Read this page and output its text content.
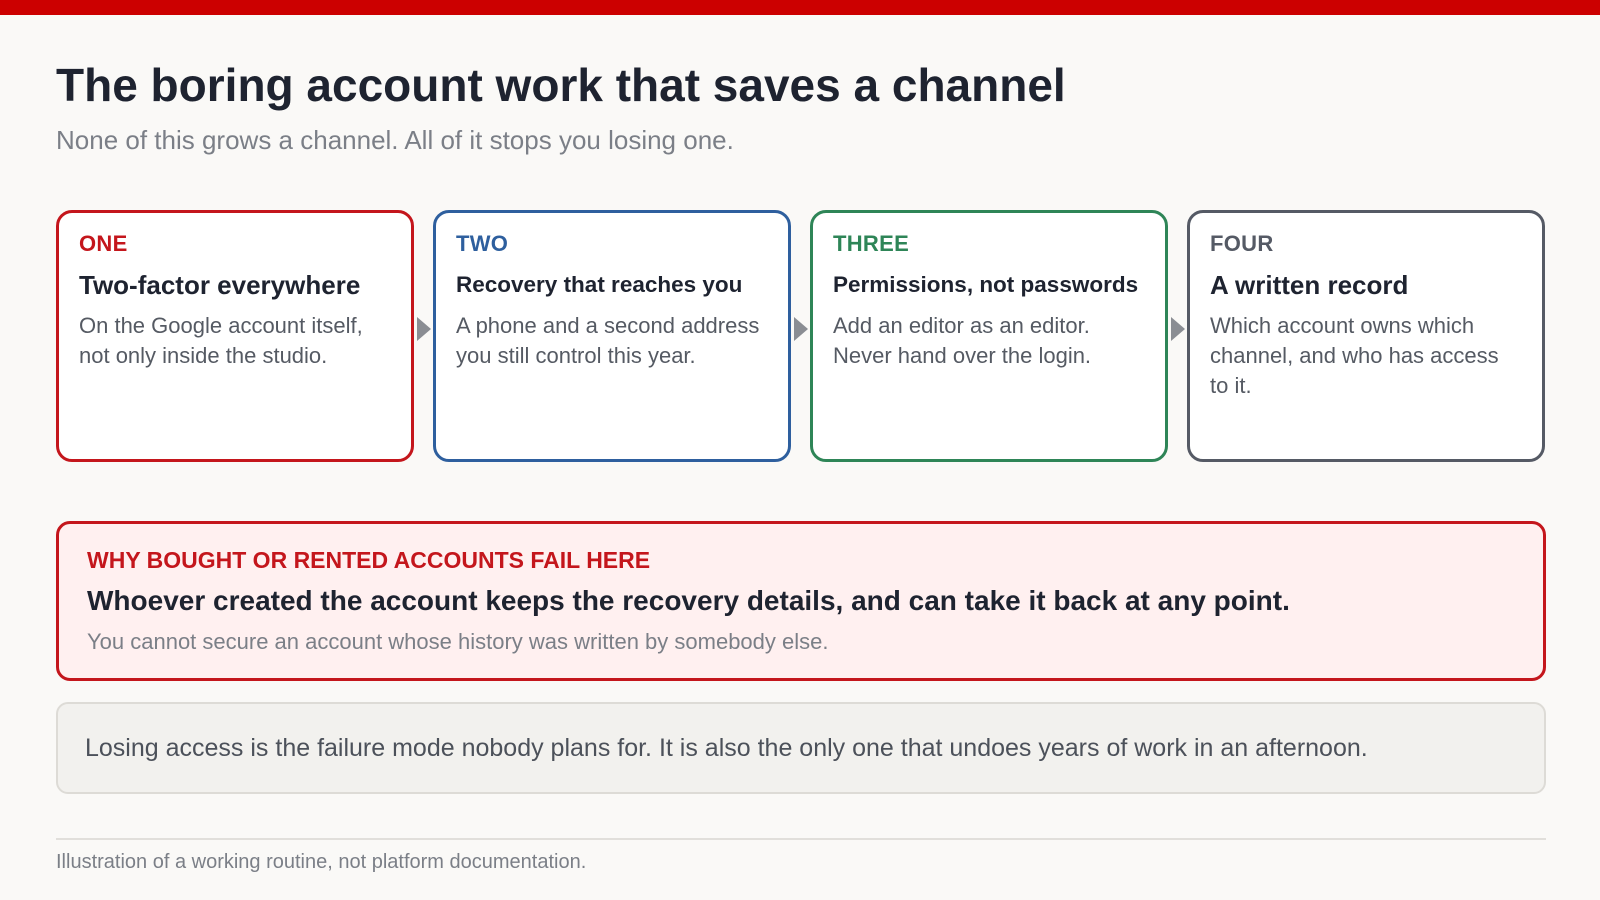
The boring account work that saves a channel
None of this grows a channel. All of it stops you losing one.
ONE
Two-factor everywhere
On the Google account itself, not only inside the studio.
TWO
Recovery that reaches you
A phone and a second address you still control this year.
THREE
Permissions, not passwords
Add an editor as an editor. Never hand over the login.
FOUR
A written record
Which account owns which channel, and who has access to it.
WHY BOUGHT OR RENTED ACCOUNTS FAIL HERE
Whoever created the account keeps the recovery details, and can take it back at any point.
You cannot secure an account whose history was written by somebody else.
Losing access is the failure mode nobody plans for. It is also the only one that undoes years of work in an afternoon.
Illustration of a working routine, not platform documentation.
